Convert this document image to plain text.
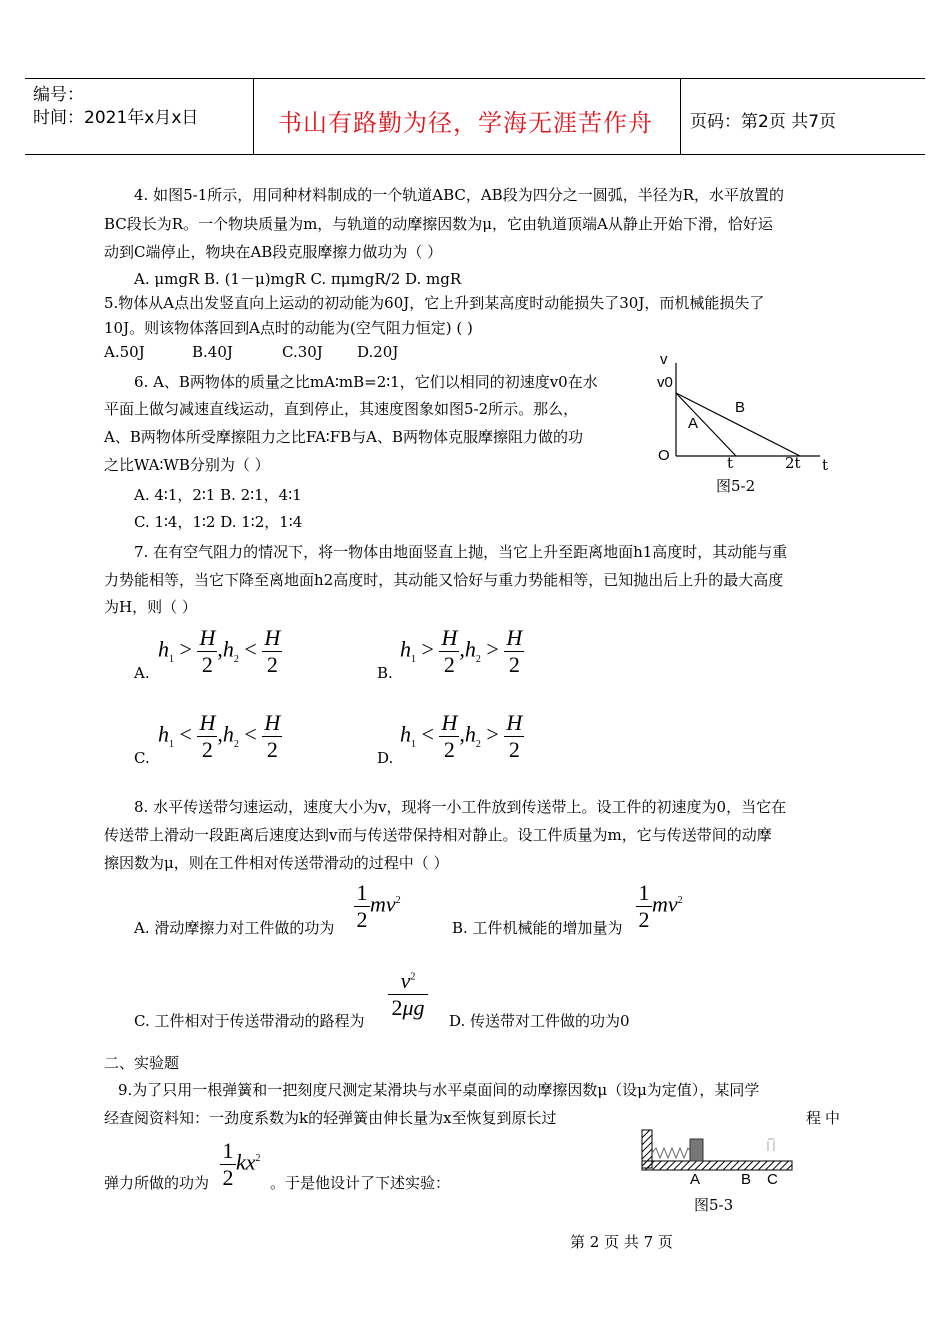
编号：
时间：2021年x月x日	书山有路勤为径，学海无涯苦作舟 页码：第2页 共7页
4. 如图5-1所示，用同种材料制成的一个轨道ABC，AB段为四分之一圆弧，半径为R，水平放置的
BC段长为R。一个物块质量为m，与轨道的动摩擦因数为μ，它由轨道顶端A从静止开始下滑，恰好运
动到C端停止，物块在AB段克服摩擦力做功为（ ）
A. μmgR B. (1－μ)mgR C. πμmgR/2 D. mgR
5.物体从A点出发竖直向上运动的初动能为60J，它上升到某高度时动能损失了30J，而机械能损失了
10J。则该物体落回到A点时的动能为(空气阻力恒定) ( )
A.50J	B.40J	C.30J D.20J
6. A、B两物体的质量之比mA∶mB=2∶1，它们以相同的初速度v0在水
平面上做匀减速直线运动，直到停止，其速度图象如图5-2所示。那么，
A、B两物体所受摩擦阻力之比FA∶FB与A、B两物体克服摩擦阻力做的功
之比WA∶WB分别为（ ）
A. 4∶1，2∶1 B. 2∶1，4∶1
C. 1∶4，1∶2 D. 1∶2，1∶4
v
v0
B
A
O	t	2t t
图5-2
7. 在有空气阻力的情况下，将一物体由地面竖直上抛，当它上升至距离地面h1高度时，其动能与重
力势能相等，当它下降至离地面h2高度时，其动能又恰好与重力势能相等，已知抛出后上升的最大高度
为H，则（ ）
$h_1 > \frac{H}{2},h_2 < \frac{H}{2}$
A.
$h_1 > \frac{H}{2},h_2 > \frac{H}{2}$
B.
$h_1 < \frac{H}{2},h_2 < \frac{H}{2}$
C.
$h_1 < \frac{H}{2},h_2 > \frac{H}{2}$
D.
8. 水平传送带匀速运动，速度大小为v，现将一小工件放到传送带上。设工件的初速度为0，当它在
传送带上滑动一段距离后速度达到v而与传送带保持相对静止。设工件质量为m，它与传送带间的动摩
擦因数为μ，则在工件相对传送带滑动的过程中（ ）
A. 滑动摩擦力对工件做的功为
1
$2mv^2$
B. 工件机械能的增加量为
1
$2mv^2$
C. 工件相对于传送带滑动的路程为
$v^2$
2μg
D. 传送带对工件做的功为0
二、实验题
9.为了只用一根弹簧和一把刻度尺测定某滑块与水平桌面间的动摩擦因数μ（设μ为定值），某同学
经查阅资料知：一劲度系数为k的轻弹簧由伸长量为x至恢复到原长过	程中
1
$2kx^2$
弹力所做的功为	。于是他设计了下述实验：	A	B C
图5-3
第 2 页 共 7 页
